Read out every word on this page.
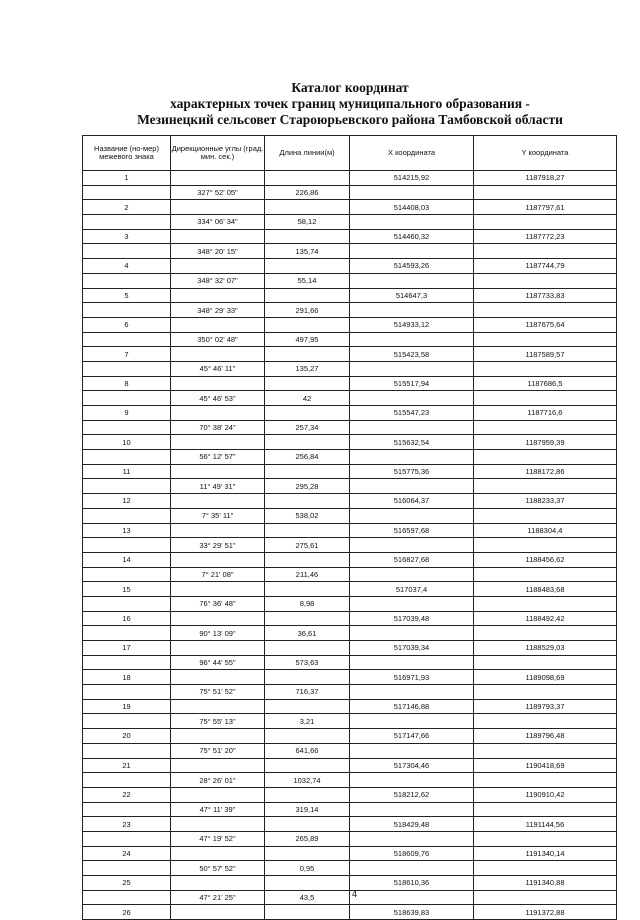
Каталог координат
характерных точек границ муниципального образования -
Мезинецкий сельсовет Староюрьевского района Тамбовской области
Название (но-мер) межевого знака	Дирекционные углы (град. мин. сек.)	Длина линии(м)	X координата	Y координата
1			514215,92	1187918,27
	327° 52' 05"	226,86		
2			514408,03	1187797,61
	334° 06' 34"	58,12		
3			514460,32	1187772,23
	348° 20' 15"	135,74		
4			514593,26	1187744,79
	348° 32' 07"	55,14		
5			514647,3	1187733,83
	348° 29' 33"	291,66		
6			514933,12	1187675,64
	350° 02' 48"	497,95		
7			515423,58	1187589,57
	45° 46' 11"	135,27		
8			515517,94	1187686,5
	45° 46' 53"	42		
9			515547,23	1187716,6
	70° 38' 24"	257,34		
10			515632,54	1187959,39
	56° 12' 57"	256,84		
11			515775,36	1188172,86
	11° 49' 31"	295,28		
12			516064,37	1188233,37
	7° 35' 11"	538,02		
13			516597,68	1188304,4
	33° 29' 51"	275,61		
14			516827,68	1188456,62
	7° 21' 08"	211,46		
15			517037,4	1188483,68
	76° 36' 48"	8,98		
16			517039,48	1188492,42
	90° 13' 09"	36,61		
17			517039,34	1188529,03
	96° 44' 55"	573,63		
18			516971,93	1189098,69
	75° 51' 52"	716,37		
19			517146,88	1189793,37
	75° 55' 13"	3,21		
20			517147,66	1189796,48
	75° 51' 20"	641,66		
21			517304,46	1190418,69
	28° 26' 01"	1032,74		
22			518212,62	1190910,42
	47° 11' 39"	319,14		
23			518429,48	1191144,56
	47° 19' 52"	265,89		
24			518609,76	1191340,14
	50° 57' 52"	0,95		
25			518610,36	1191340,88
	47° 21' 25"	43,5		
26			518639,83	1191372,88
4
